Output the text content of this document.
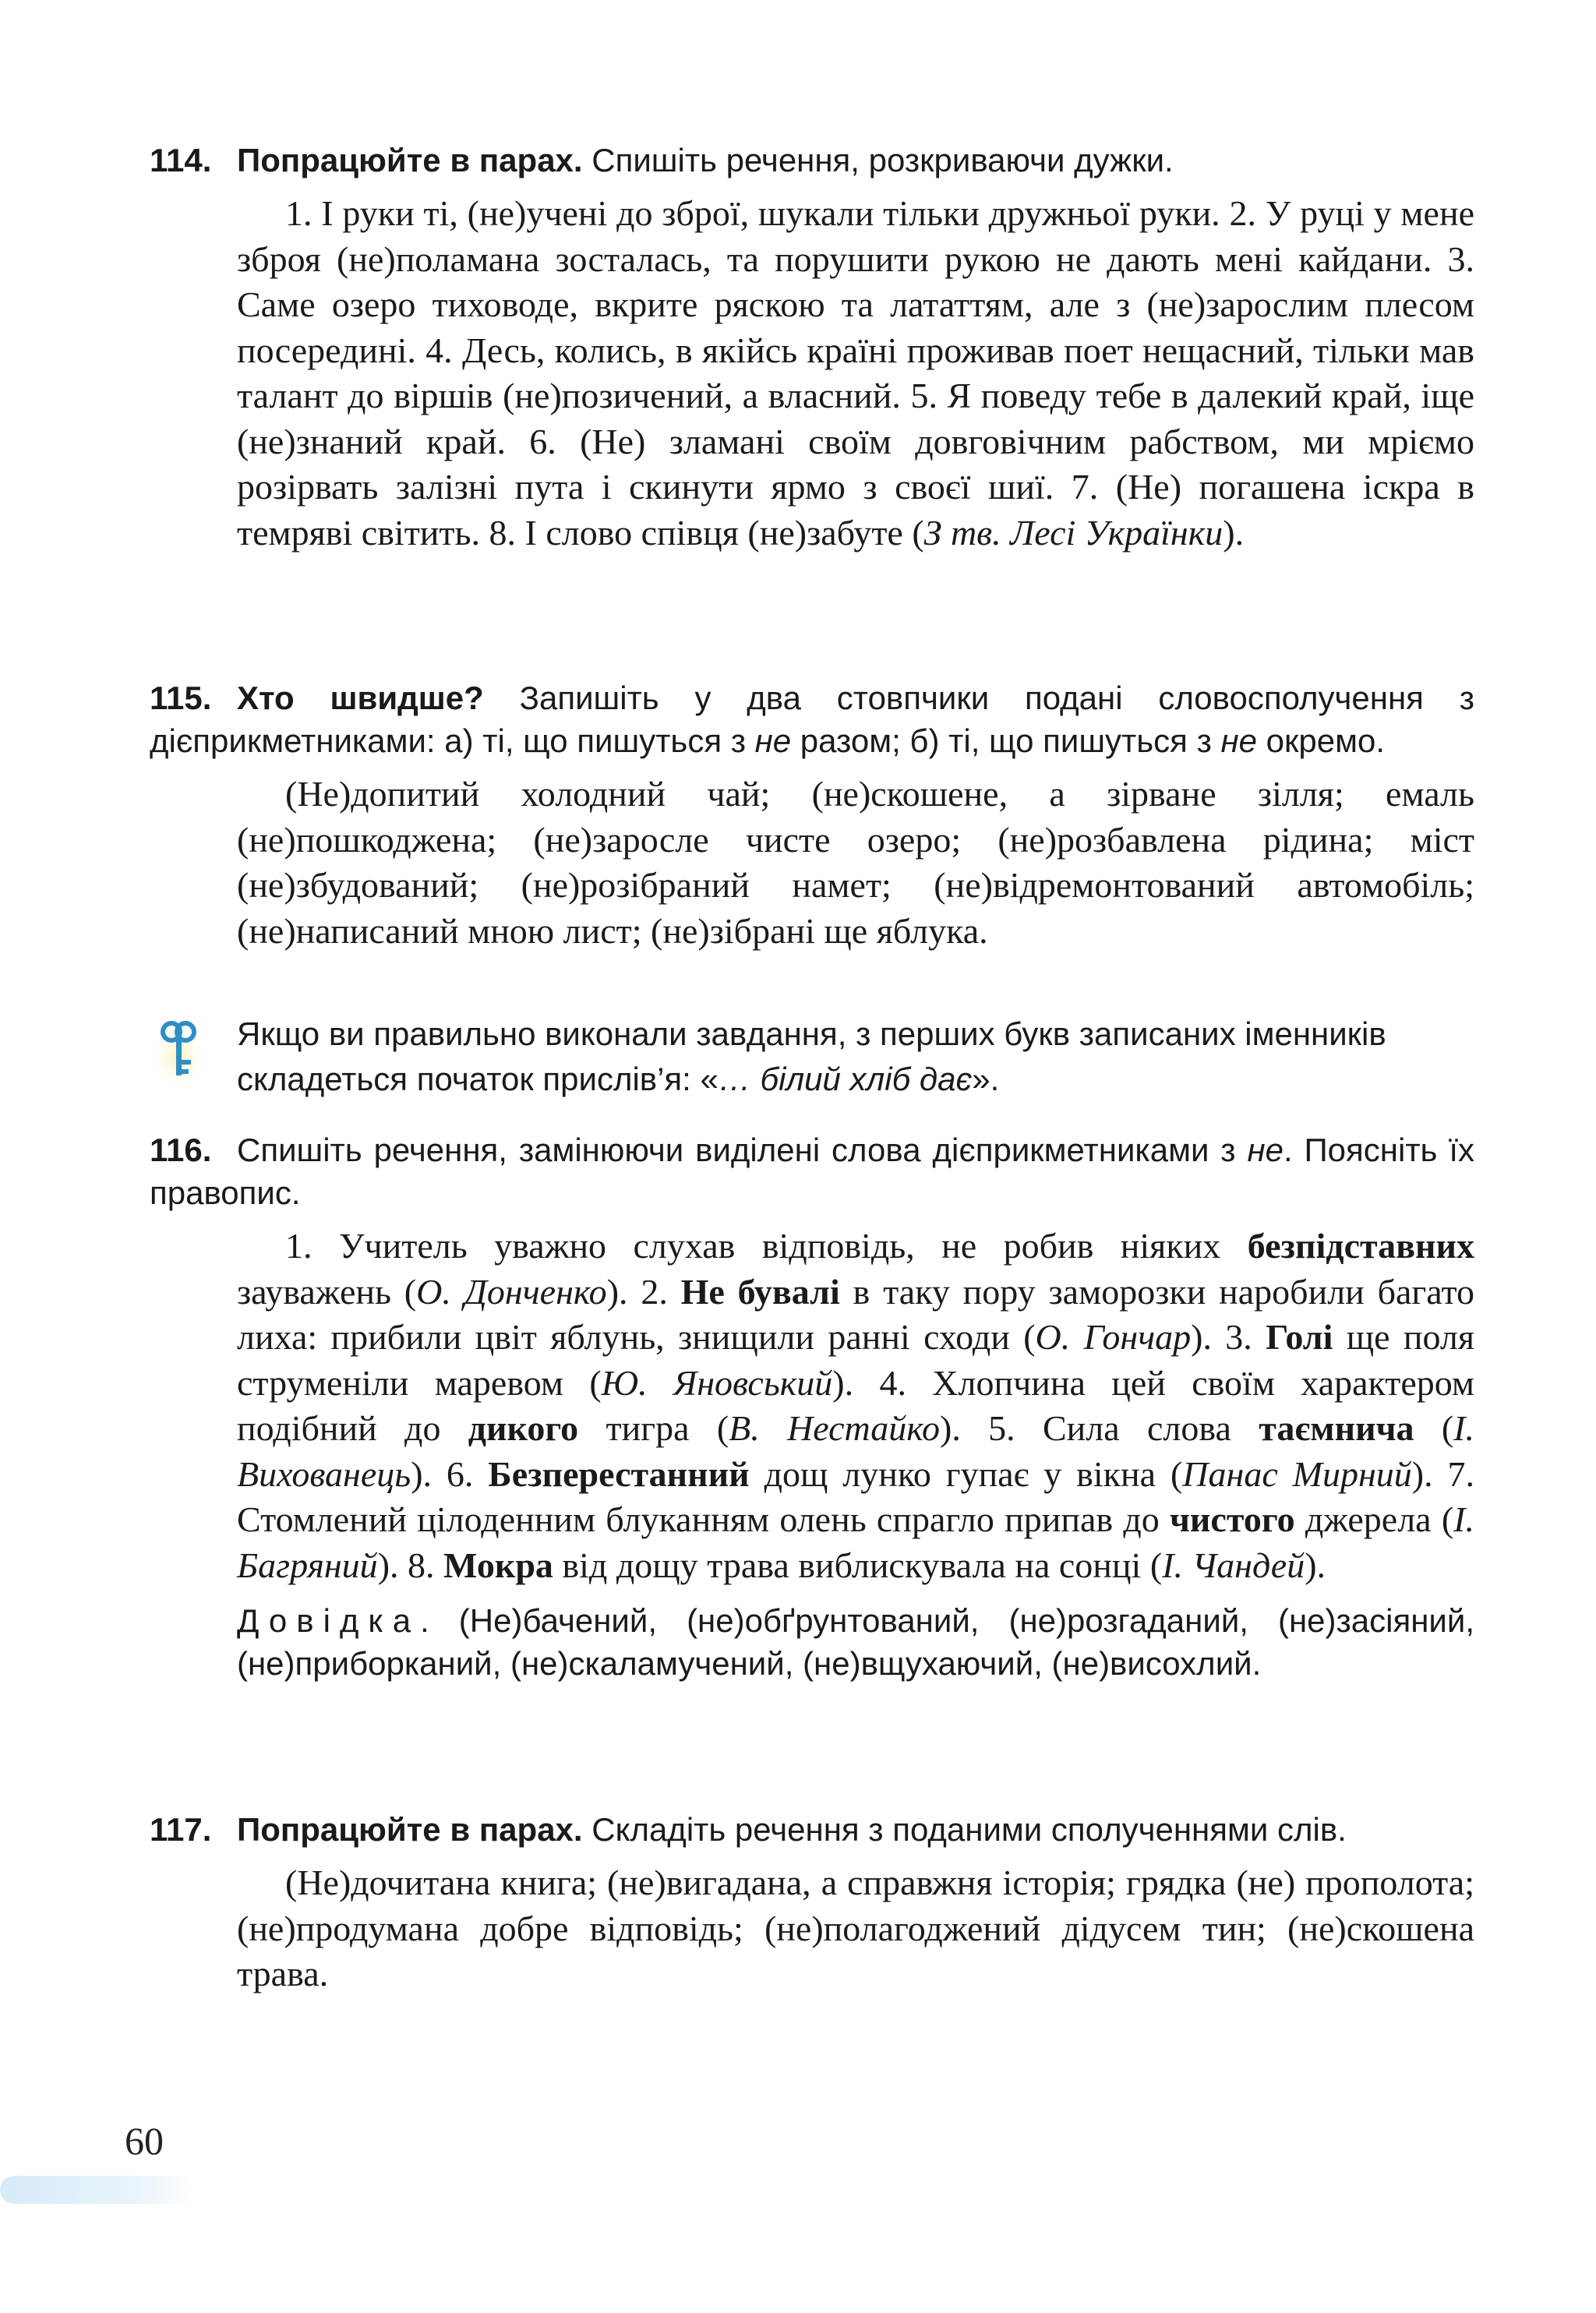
114. Попрацюйте в парах. Спишіть речення, розкриваючи дужки.

1. І руки ті, (не)учені до зброї, шукали тільки дружньої руки. 2. У руці у мене зброя (не)поламана зосталась, та порушити рукою не дають мені кайдани. 3. Саме озеро тиховоде, вкрите ряскою та лататтям, але з (не)зарослим плесом посередині. 4. Десь, колись, в якійсь країні проживав поет нещасний, тільки мав талант до віршів (не)позичений, а власний. 5. Я поведу тебе в далекий край, іще (не)знаний край. 6. (Не) зламані своїм довговічним рабством, ми мріємо розірвать залізні пута і скинути ярмо з своєї шиї. 7. (Не) погашена іскра в темряві світить. 8. І слово співця (не)забуте (З тв. Лесі Українки).

115. Хто швидше? Запишіть у два стовпчики подані словосполучення з дієприкметниками: а) ті, що пишуться з не разом; б) ті, що пишуться з не окремо.

(Не)допитий холодний чай; (не)скошене, а зірване зілля; емаль (не)пошкоджена; (не)заросле чисте озеро; (не)розбавлена рідина; міст (не)збудований; (не)розібраний намет; (не)відремонтований автомобіль; (не)написаний мною лист; (не)зібрані ще яблука.

Якщо ви правильно виконали завдання, з перших букв записаних іменників складеться початок прислів’я: «… білий хліб дає».

116. Спишіть речення, замінюючи виділені слова дієприкметниками з не. Поясніть їх правопис.

1. Учитель уважно слухав відповідь, не робив ніяких безпідставних зауважень (О. Донченко). 2. Не бувалі в таку пору заморозки наробили багато лиха: прибили цвіт яблунь, знищили ранні сходи (О. Гончар). 3. Голі ще поля струменіли маревом (Ю. Яновський). 4. Хлопчина цей своїм характером подібний до дикого тигра (В. Нестайко). 5. Сила слова таємнича (І. Вихованець). 6. Безперестанний дощ лунко гупає у вікна (Панас Мирний). 7. Стомлений цілоденним блуканням олень спрагло припав до чистого джерела (І. Багряний). 8. Мокра від дощу трава виблискувала на сонці (І. Чандей).

Довідка. (Не)бачений, (не)обґрунтований, (не)розгаданий, (не)засіяний, (не)приборканий, (не)скаламучений, (не)вщухаючий, (не)висохлий.

117. Попрацюйте в парах. Складіть речення з поданими сполученнями слів.

(Не)дочитана книга; (не)вигадана, а справжня історія; грядка (не) прополота; (не)продумана добре відповідь; (не)полагоджений дідусем тин; (не)скошена трава.

60
